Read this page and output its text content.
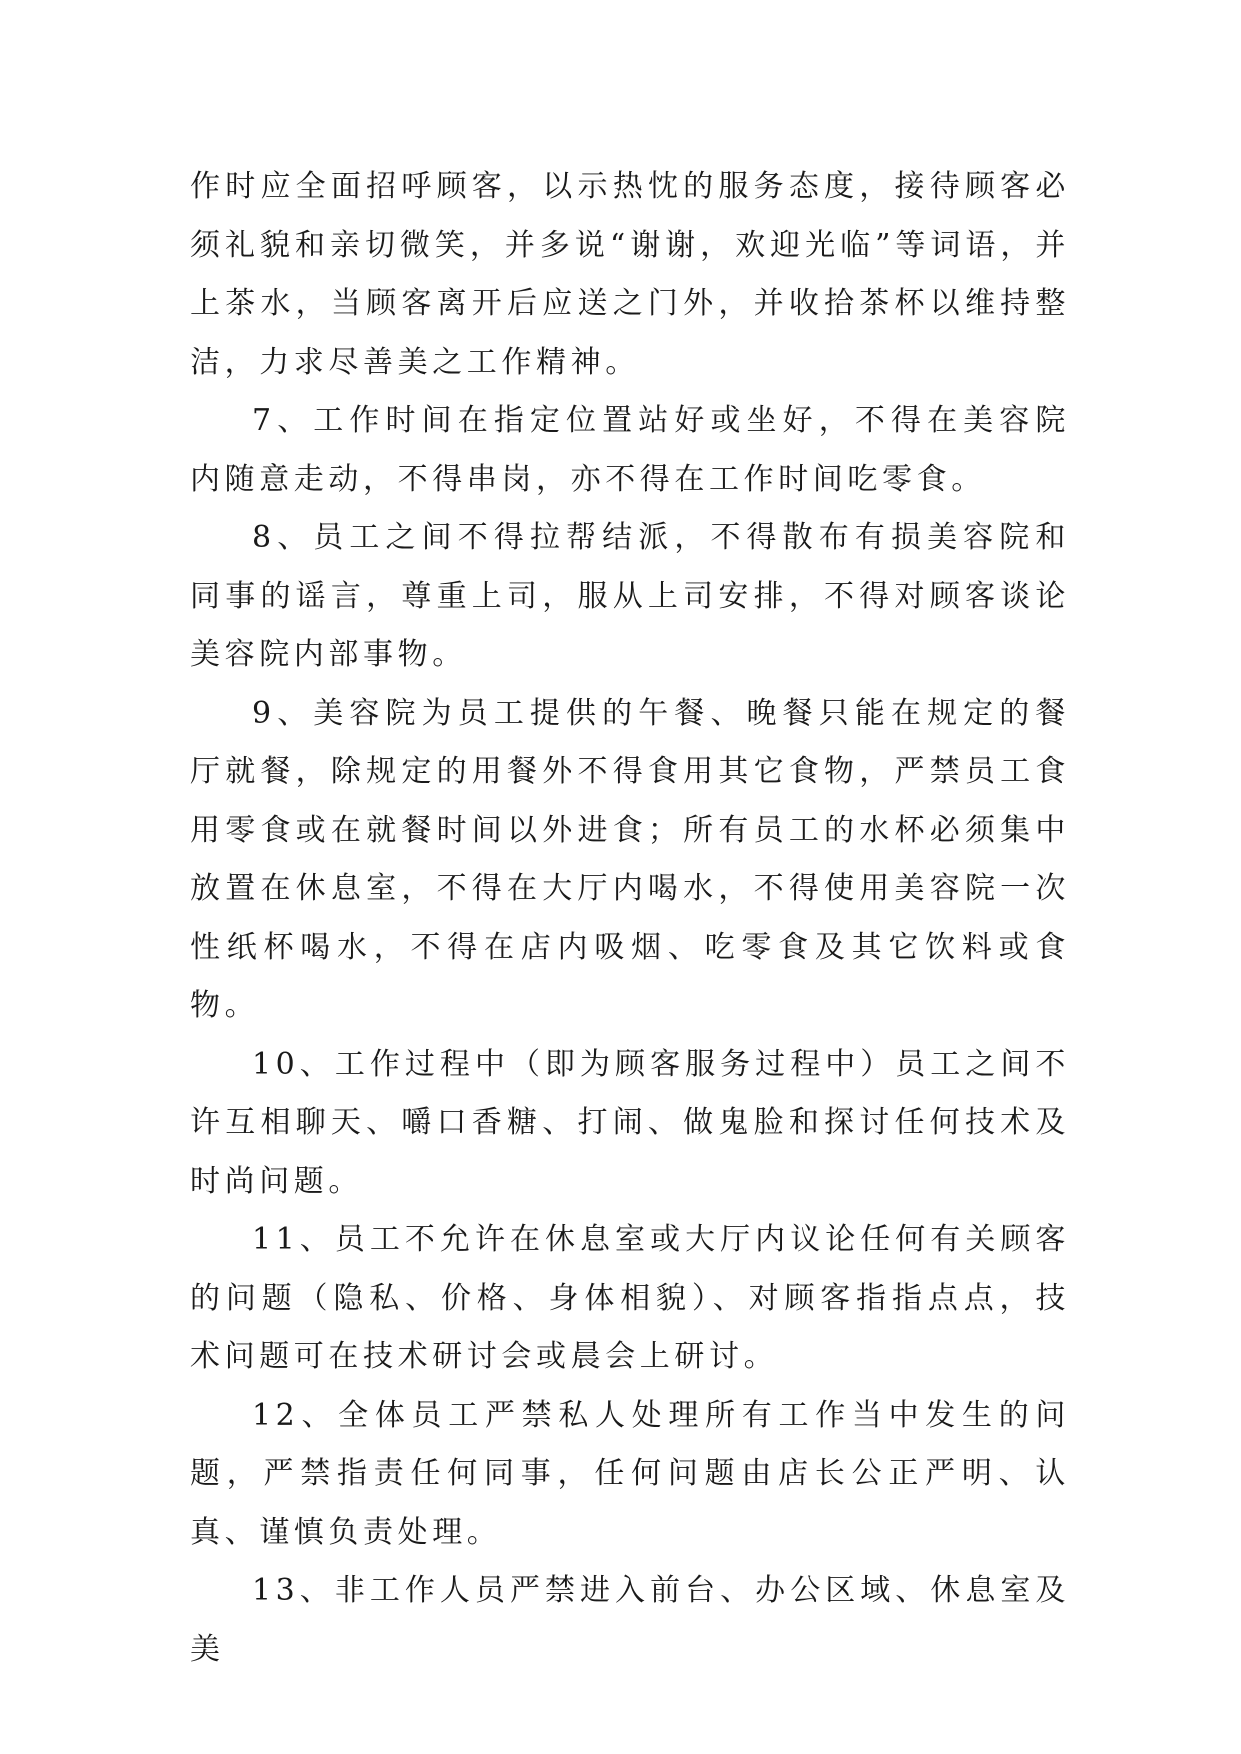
作时应全面招呼顾客，以示热忱的服务态度，接待顾客必须礼貌和亲切微笑，并多说“谢谢，欢迎光临”等词语，并上茶水，当顾客离开后应送之门外，并收拾茶杯以维持整洁，力求尽善美之工作精神。

7、工作时间在指定位置站好或坐好，不得在美容院内随意走动，不得串岗，亦不得在工作时间吃零食。

8、员工之间不得拉帮结派，不得散布有损美容院和同事的谣言，尊重上司，服从上司安排，不得对顾客谈论美容院内部事物。

9、美容院为员工提供的午餐、晚餐只能在规定的餐厅就餐，除规定的用餐外不得食用其它食物，严禁员工食用零食或在就餐时间以外进食；所有员工的水杯必须集中放置在休息室，不得在大厅内喝水，不得使用美容院一次性纸杯喝水，不得在店内吸烟、吃零食及其它饮料或食物。

10、工作过程中（即为顾客服务过程中）员工之间不许互相聊天、嚼口香糖、打闹、做鬼脸和探讨任何技术及时尚问题。

11、员工不允许在休息室或大厅内议论任何有关顾客的问题（隐私、价格、身体相貌）、对顾客指指点点，技术问题可在技术研讨会或晨会上研讨。

12、全体员工严禁私人处理所有工作当中发生的问题，严禁指责任何同事，任何问题由店长公正严明、认真、谨慎负责处理。

13、非工作人员严禁进入前台、办公区域、休息室及美
